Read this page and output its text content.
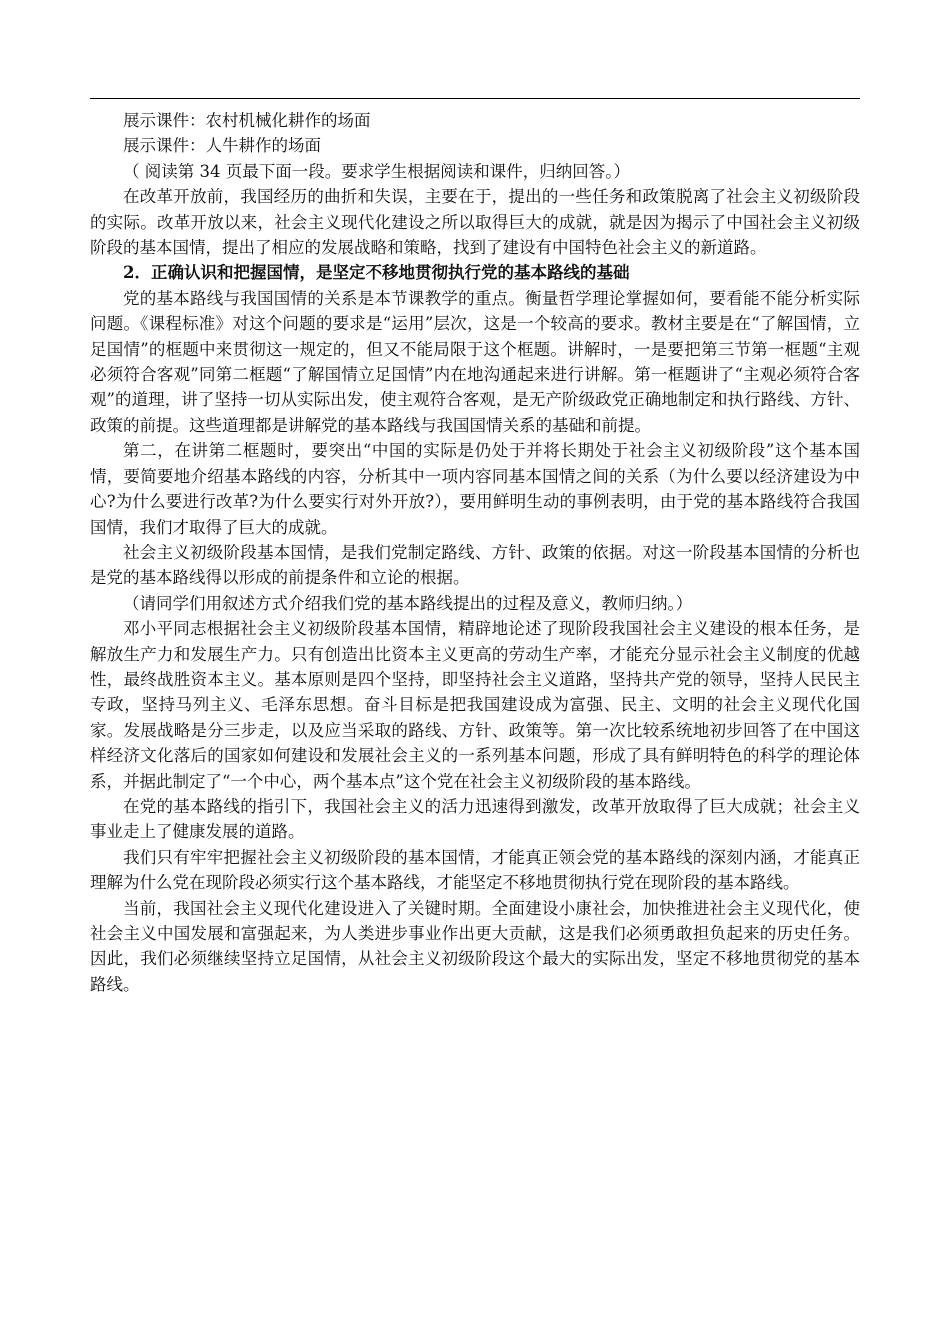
展示课件：农村机械化耕作的场面

展示课件：人牛耕作的场面

（ 阅读第 34 页最下面一段。要求学生根据阅读和课件，归纳回答。）

在改革开放前，我国经历的曲折和失误，主要在于，提出的一些任务和政策脱离了社会主义初级阶段的实际。改革开放以来，社会主义现代化建设之所以取得巨大的成就，就是因为揭示了中国社会主义初级阶段的基本国情，提出了相应的发展战略和策略，找到了建设有中国特色社会主义的新道路。

2．正确认识和把握国情，是坚定不移地贯彻执行党的基本路线的基础

党的基本路线与我国国情的关系是本节课教学的重点。衡量哲学理论掌握如何，要看能不能分析实际问题。《课程标准》对这个问题的要求是“运用”层次，这是一个较高的要求。教材主要是在“了解国情，立足国情”的框题中来贯彻这一规定的，但又不能局限于这个框题。讲解时，一是要把第三节第一框题“主观必须符合客观”同第二框题“了解国情立足国情”内在地沟通起来进行讲解。第一框题讲了“主观必须符合客观”的道理，讲了坚持一切从实际出发，使主观符合客观，是无产阶级政党正确地制定和执行路线、方针、政策的前提。这些道理都是讲解党的基本路线与我国国情关系的基础和前提。

第二，在讲第二框题时，要突出“中国的实际是仍处于并将长期处于社会主义初级阶段”这个基本国情，要简要地介绍基本路线的内容，分析其中一项内容同基本国情之间的关系（为什么要以经济建设为中心?为什么要进行改革?为什么要实行对外开放?），要用鲜明生动的事例表明，由于党的基本路线符合我国国情，我们才取得了巨大的成就。

社会主义初级阶段基本国情，是我们党制定路线、方针、政策的依据。对这一阶段基本国情的分析也是党的基本路线得以形成的前提条件和立论的根据。

（请同学们用叙述方式介绍我们党的基本路线提出的过程及意义，教师归纳。）

邓小平同志根据社会主义初级阶段基本国情，精辟地论述了现阶段我国社会主义建设的根本任务，是解放生产力和发展生产力。只有创造出比资本主义更高的劳动生产率，才能充分显示社会主义制度的优越性，最终战胜资本主义。基本原则是四个坚持，即坚持社会主义道路，坚持共产党的领导，坚持人民民主专政，坚持马列主义、毛泽东思想。奋斗目标是把我国建设成为富强、民主、文明的社会主义现代化国家。发展战略是分三步走，以及应当采取的路线、方针、政策等。第一次比较系统地初步回答了在中国这样经济文化落后的国家如何建设和发展社会主义的一系列基本问题，形成了具有鲜明特色的科学的理论体系，并据此制定了“一个中心，两个基本点”这个党在社会主义初级阶段的基本路线。

在党的基本路线的指引下，我国社会主义的活力迅速得到激发，改革开放取得了巨大成就；社会主义事业走上了健康发展的道路。

我们只有牢牢把握社会主义初级阶段的基本国情，才能真正领会党的基本路线的深刻内涵，才能真正理解为什么党在现阶段必须实行这个基本路线，才能坚定不移地贯彻执行党在现阶段的基本路线。

当前，我国社会主义现代化建设进入了关键时期。全面建设小康社会，加快推进社会主义现代化，使社会主义中国发展和富强起来，为人类进步事业作出更大贡献，这是我们必须勇敢担负起来的历史任务。因此，我们必须继续坚持立足国情，从社会主义初级阶段这个最大的实际出发，坚定不移地贯彻党的基本路线。
